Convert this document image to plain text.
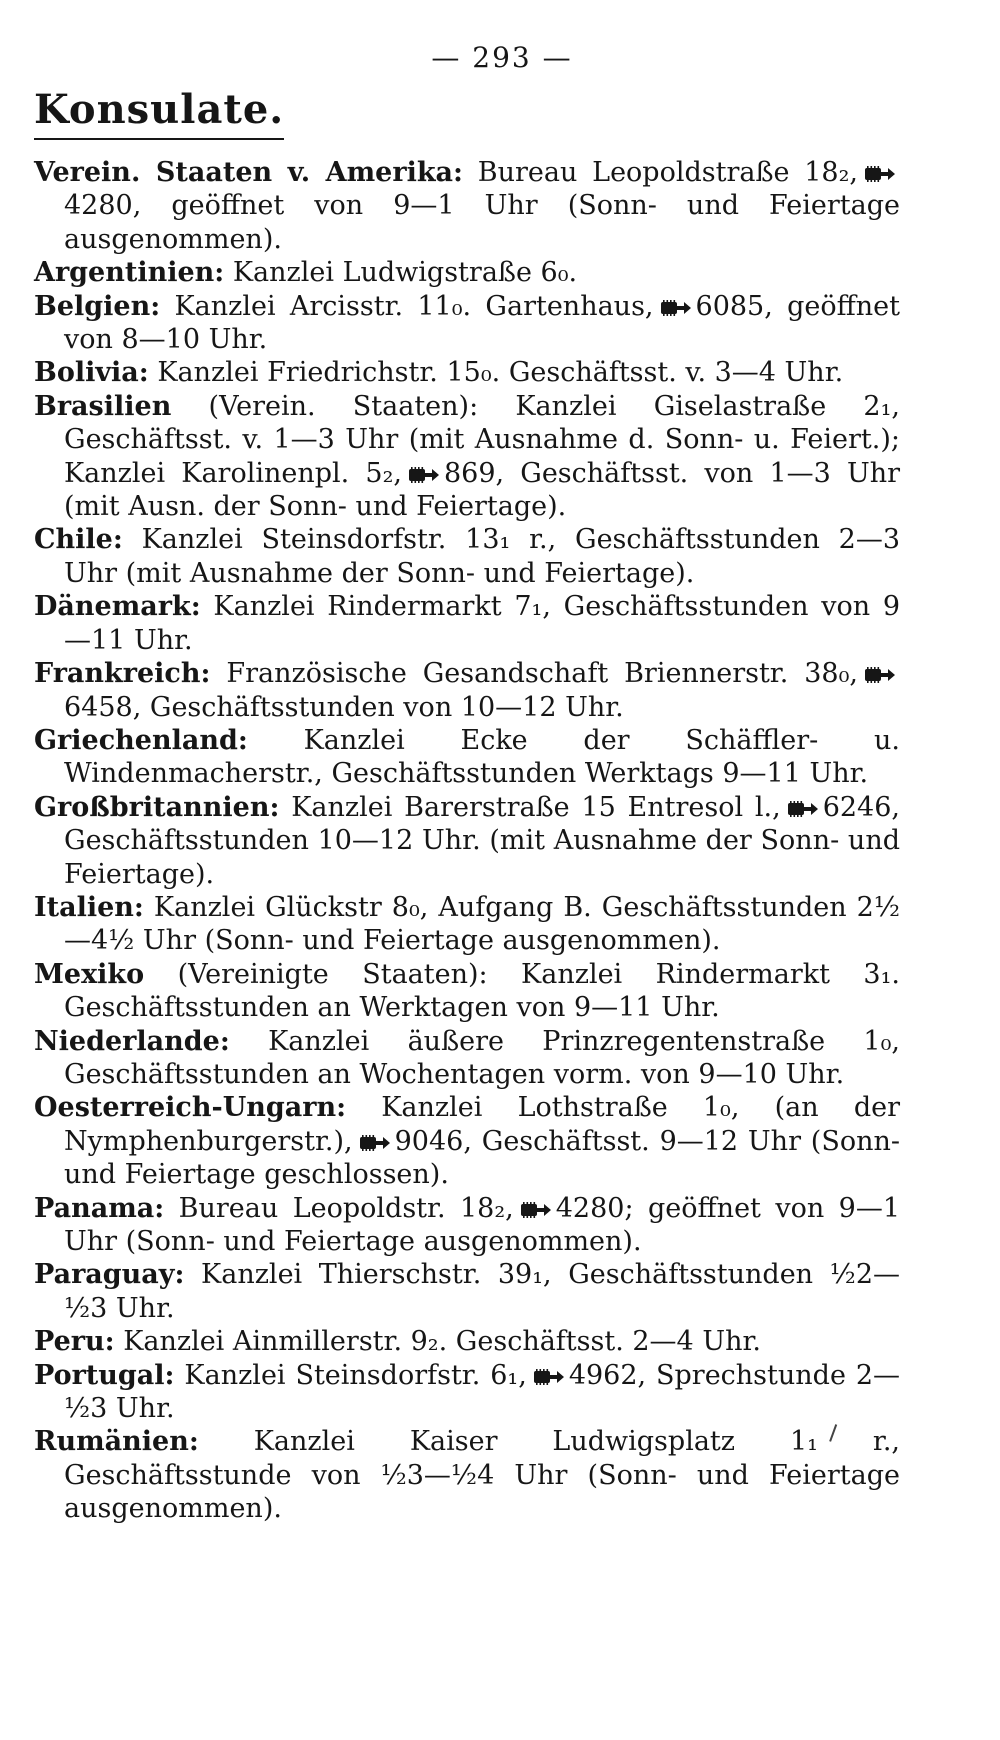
— 293 —
Konsulate.
Verein. Staaten v. Amerika: Bureau Leopoldstraße 18₂,4280, geöffnet von 9—1 Uhr (Sonn- und Feiertage ausgenommen).
Argentinien: Kanzlei Ludwigstraße 6₀.
Belgien: Kanzlei Arcisstr. 11₀. Gartenhaus, 6085, geöffnet von 8—10 Uhr.
Bolivia: Kanzlei Friedrichstr. 15₀. Geschäftsst. v. 3—4 Uhr.
Brasilien (Verein. Staaten): Kanzlei Giselastraße 2₁, Geschäftsst. v. 1—3 Uhr (mit Ausnahme d. Sonn- u. Feiert.); Kanzlei Karolinenpl. 5₂, 869, Geschäftsst. von 1—3 Uhr (mit Ausn. der Sonn- und Feiertage).
Chile: Kanzlei Steinsdorfstr. 13₁ r., Geschäftsstunden 2—3 Uhr (mit Ausnahme der Sonn- und Feiertage).
Dänemark: Kanzlei Rindermarkt 7₁, Geschäftsstunden von 9—11 Uhr.
Frankreich: Französische Gesandschaft Briennerstr. 38₀,6458, Geschäftsstunden von 10—12 Uhr.
Griechenland: Kanzlei Ecke der Schäffler- u. Windenmacherstr., Geschäftsstunden Werktags 9—11 Uhr.
Großbritannien: Kanzlei Barerstraße 15 Entresol l., 6246, Geschäftsstunden 10—12 Uhr. (mit Ausnahme der Sonn- und Feiertage).
Italien: Kanzlei Glückstr 8₀, Aufgang B. Geschäftsstunden 2½—4½ Uhr (Sonn- und Feiertage ausgenommen).
Mexiko (Vereinigte Staaten): Kanzlei Rindermarkt 3₁. Geschäftsstunden an Werktagen von 9—11 Uhr.
Niederlande: Kanzlei äußere Prinzregentenstraße 1₀, Geschäftsstunden an Wochentagen vorm. von 9—10 Uhr.
Oesterreich-Ungarn: Kanzlei Lothstraße 1₀, (an der Nymphenburgerstr.), 9046, Geschäftsst. 9—12 Uhr (Sonn- und Feiertage geschlossen).
Panama: Bureau Leopoldstr. 18₂, 4280; geöffnet von 9—1 Uhr (Sonn- und Feiertage ausgenommen).
Paraguay: Kanzlei Thierschstr. 39₁, Geschäftsstunden ½2—½3 Uhr.
Peru: Kanzlei Ainmillerstr. 9₂. Geschäftsst. 2—4 Uhr.
Portugal: Kanzlei Steinsdorfstr. 6₁, 4962, Sprechstunde 2—½3 Uhr.
Rumänien: Kanzlei Kaiser Ludwigsplatz 1₁ r., Geschäftsstunde von ½3—½4 Uhr (Sonn- und Feiertage ausgenommen).
